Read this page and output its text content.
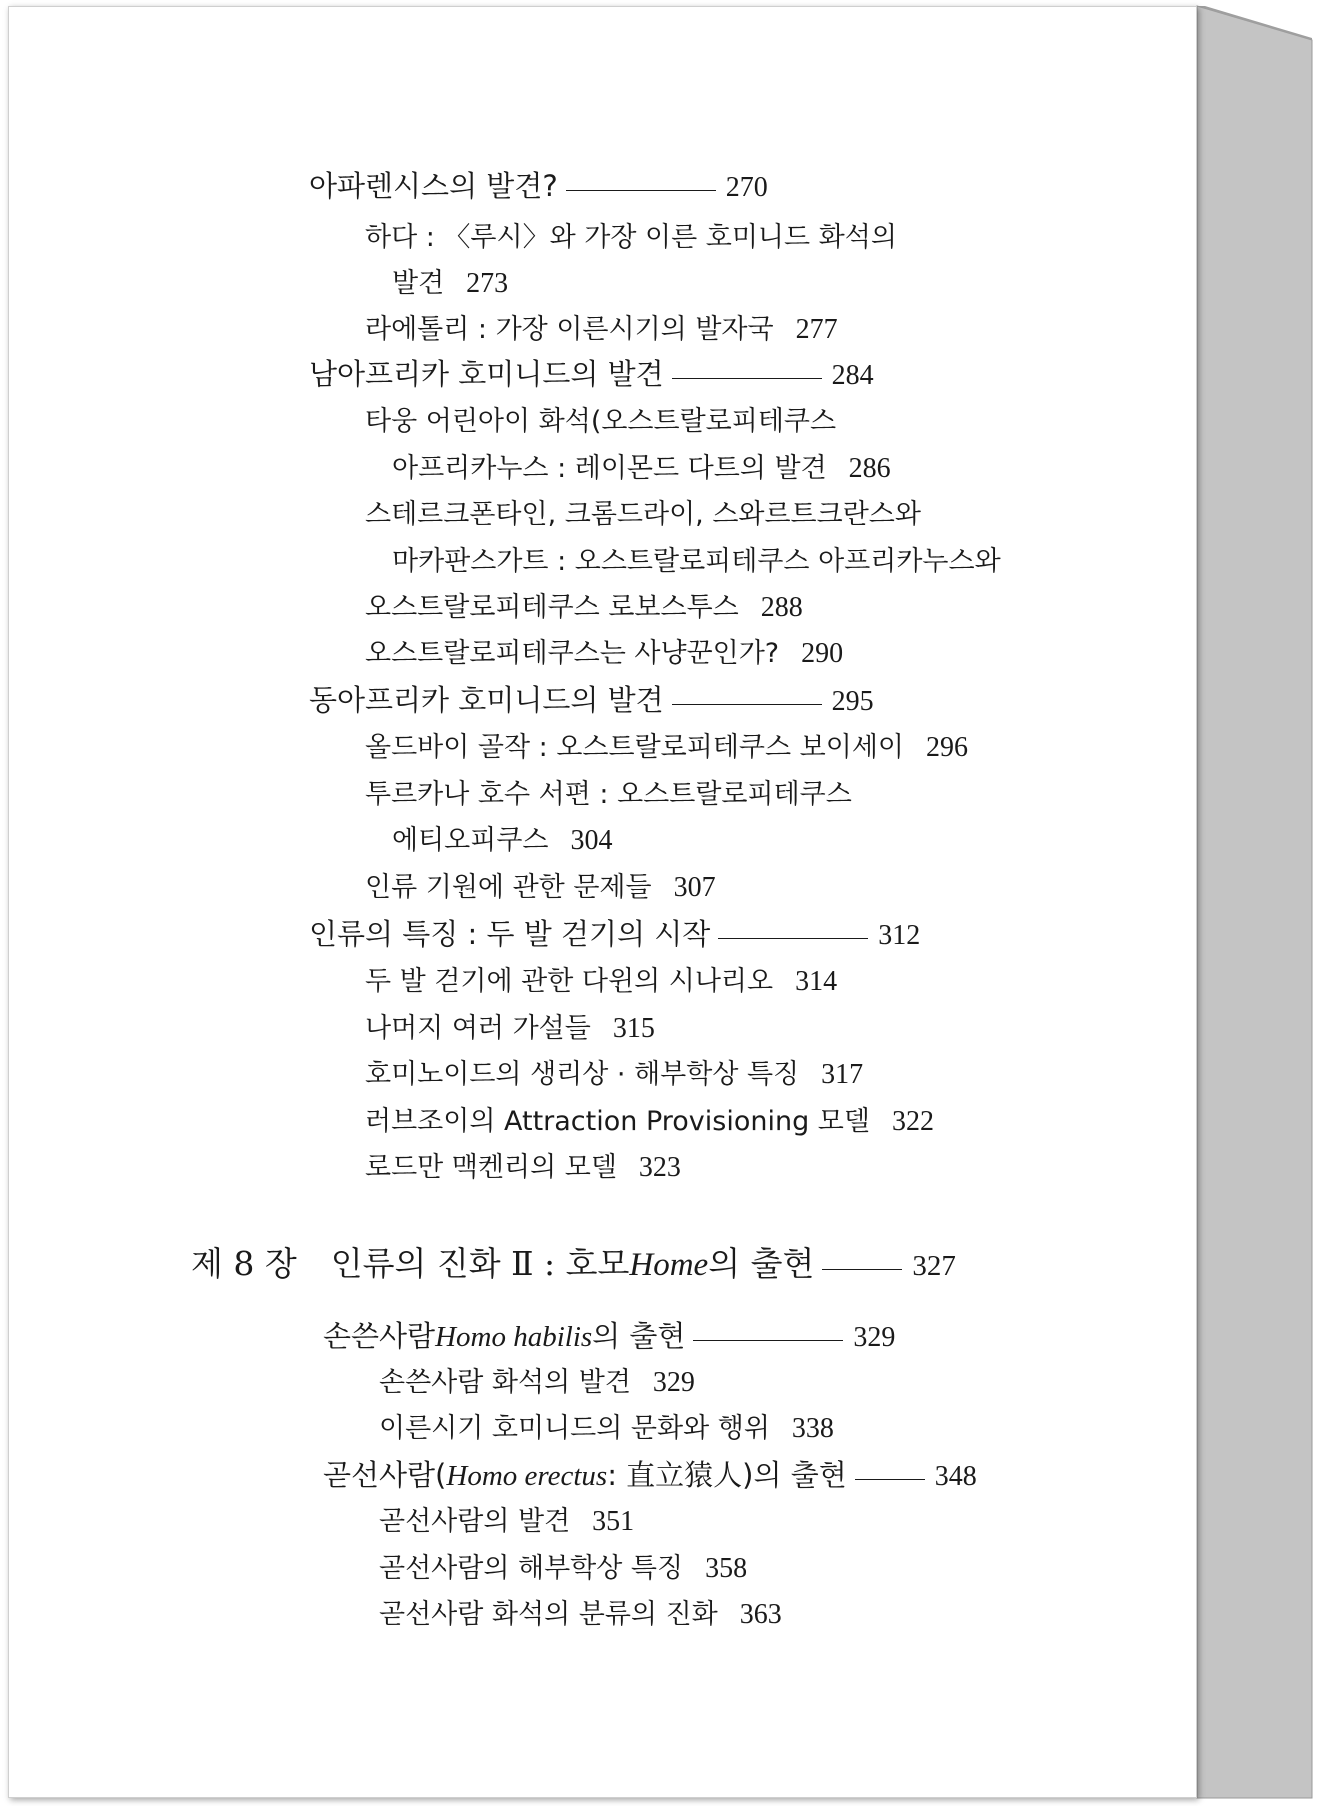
아파렌시스의 발견?	270
하다 : 〈루시〉와 가장 이른 호미니드 화석의
발견 273
라에톨리 : 가장 이른시기의 발자국 277
남아프리카 호미니드의 발견	284
타웅 어린아이 화석(오스트랄로피테쿠스
아프리카누스 : 레이몬드 다트의 발견 286
스테르크폰타인, 크롬드라이, 스와르트크란스와
마카판스가트 : 오스트랄로피테쿠스 아프리카누스와
오스트랄로피테쿠스 로보스투스 288
오스트랄로피테쿠스는 사냥꾼인가? 290
동아프리카 호미니드의 발견	295
올드바이 골작 : 오스트랄로피테쿠스 보이세이 296
투르카나 호수 서편 : 오스트랄로피테쿠스
에티오피쿠스 304
인류 기원에 관한 문제들 307
인류의 특징 : 두 발 걷기의 시작	312
두 발 걷기에 관한 다윈의 시나리오 314
나머지 여러 가설들 315
호미노이드의 생리상 · 해부학상 특징 317
러브조이의 Attraction Provisioning 모델 322
로드만 맥켄리의 모델 323
제 8 장 인류의 진화 Ⅱ : 호모 Home 의 출현	327
손쓴사람 Homo habilis 의 출현	329
손쓴사람 화석의 발견 329
이른시기 호미니드의 문화와 행위 338
곧선사람( Homo erectus : 直立猿人)의 출현	348
곧선사람의 발견 351
곧선사람의 해부학상 특징 358
곧선사람 화석의 분류의 진화 363
